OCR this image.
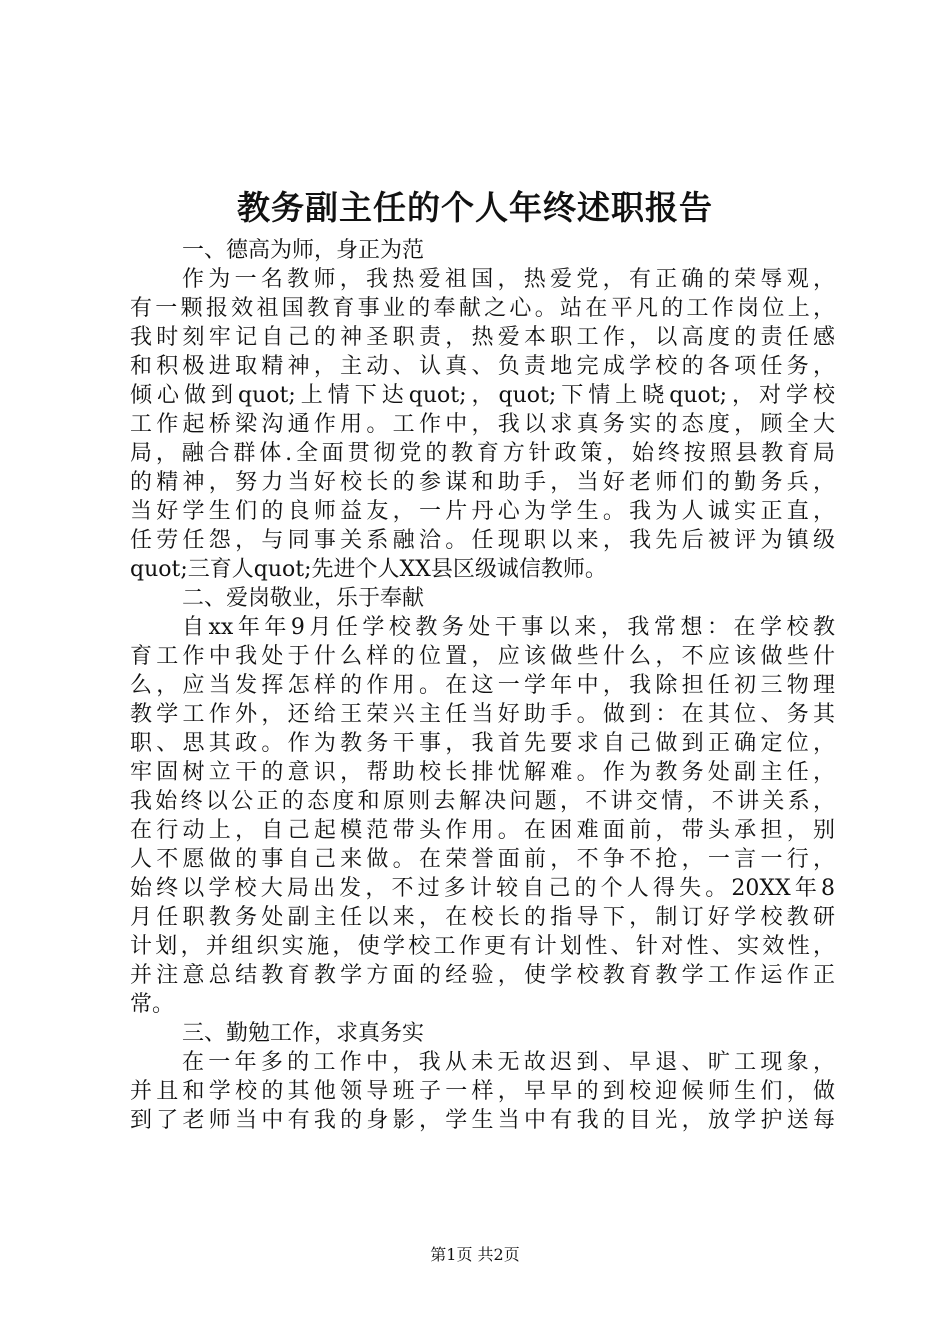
教务副主任的个人年终述职报告
一、德高为师，身正为范
作为一名教师，我热爱祖国，热爱党，有正确的荣辱观，
有一颗报效祖国教育事业的奉献之心。站在平凡的工作岗位上，
我时刻牢记自己的神圣职责，热爱本职工作，以高度的责任感
和积极进取精神，主动、认真、负责地完成学校的各项任务，
倾心做到quot;上情下达quot;，quot;下情上晓quot;，对学校
工作起桥梁沟通作用。工作中，我以求真务实的态度，顾全大
局，融合群体.全面贯彻党的教育方针政策，始终按照县教育局
的精神，努力当好校长的参谋和助手，当好老师们的勤务兵，
当好学生们的良师益友，一片丹心为学生。我为人诚实正直，
任劳任怨，与同事关系融洽。任现职以来，我先后被评为镇级
quot;三育人quot;先进个人XX县区级诚信教师。
二、爱岗敬业，乐于奉献
自xx年年9月任学校教务处干事以来，我常想：在学校教
育工作中我处于什么样的位置，应该做些什么，不应该做些什
么，应当发挥怎样的作用。在这一学年中，我除担任初三物理
教学工作外，还给王荣兴主任当好助手。做到：在其位、务其
职、思其政。作为教务干事，我首先要求自己做到正确定位，
牢固树立干的意识，帮助校长排忧解难。作为教务处副主任，
我始终以公正的态度和原则去解决问题，不讲交情，不讲关系，
在行动上，自己起模范带头作用。在困难面前，带头承担，别
人不愿做的事自己来做。在荣誉面前，不争不抢，一言一行，
始终以学校大局出发，不过多计较自己的个人得失。20XX年8
月任职教务处副主任以来，在校长的指导下，制订好学校教研
计划，并组织实施，使学校工作更有计划性、针对性、实效性，
并注意总结教育教学方面的经验，使学校教育教学工作运作正
常。
三、勤勉工作，求真务实
在一年多的工作中，我从未无故迟到、早退、旷工现象，
并且和学校的其他领导班子一样，早早的到校迎候师生们，做
到了老师当中有我的身影，学生当中有我的目光，放学护送每
第1页 共2页
